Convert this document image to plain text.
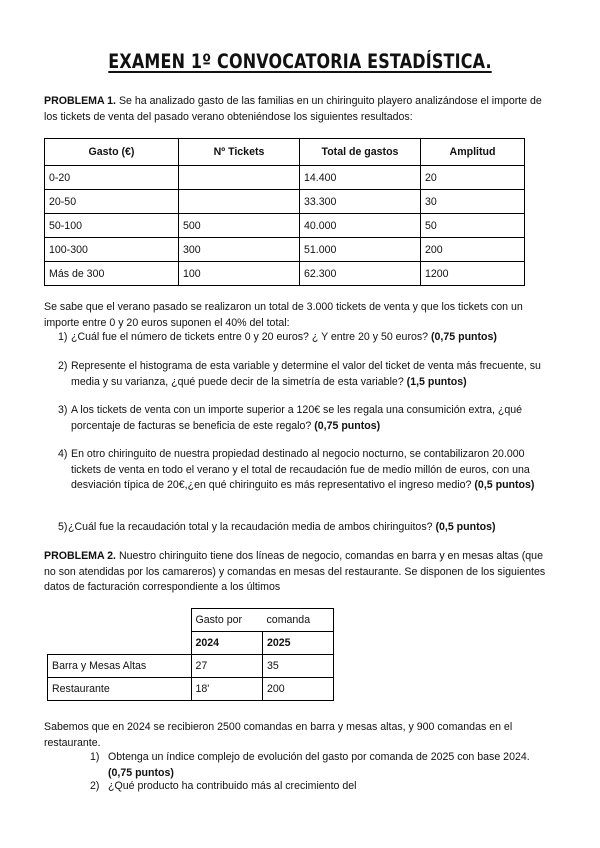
EXAMEN 1º CONVOCATORIA ESTADÍSTICA.
PROBLEMA 1. Se ha analizado gasto de las familias en un chiringuito playero analizándose el importe de los tickets de venta del pasado verano obteniéndose los siguientes resultados:
Gasto (€)	Nº Tickets	Total de gastos	Amplitud
0-20		14.400	20
20-50		33.300	30
50-100	500	40.000	50
100-300	300	51.000	200
Más de 300	100	62.300	1200
Se sabe que el verano pasado se realizaron un total de 3.000 tickets de venta y que los tickets con un importe entre 0 y 20 euros suponen el 40% del total:
1) ¿Cuál fue el número de tickets entre 0 y 20 euros? ¿ Y entre 20 y 50 euros? (0,75 puntos)
2) Represente el histograma de esta variable y determine el valor del ticket de venta más frecuente, su media y su varianza, ¿qué puede decir de la simetría de esta variable? (1,5 puntos)
3) A los tickets de venta con un importe superior a 120€ se les regala una consumición extra, ¿qué porcentaje de facturas se beneficia de este regalo? (0,75 puntos)
4) En otro chiringuito de nuestra propiedad destinado al negocio nocturno, se contabilizaron 20.000 tickets de venta en todo el verano y el total de recaudación fue de medio millón de euros, con una desviación típica de 20€,¿en qué chiringuito es más representativo el ingreso medio? (0,5 puntos)
5) ¿Cuál fue la recaudación total y la recaudación media de ambos chiringuitos? (0,5 puntos)
PROBLEMA 2. Nuestro chiringuito tiene dos líneas de negocio, comandas en barra y en mesas altas (que no son atendidas por los camareros) y comandas en mesas del restaurante. Se disponen de los siguientes datos de facturación correspondiente a los últimos
	Gasto por	comanda
	2024	2025
Barra y Mesas Altas	27	35
Restaurante	18'	200
Sabemos que en 2024 se recibieron 2500 comandas en barra y mesas altas, y 900 comandas en el restaurante.
1) Obtenga un índice complejo de evolución del gasto por comanda de 2025 con base 2024. (0,75 puntos)
2) ¿Qué producto ha contribuido más al crecimiento del
